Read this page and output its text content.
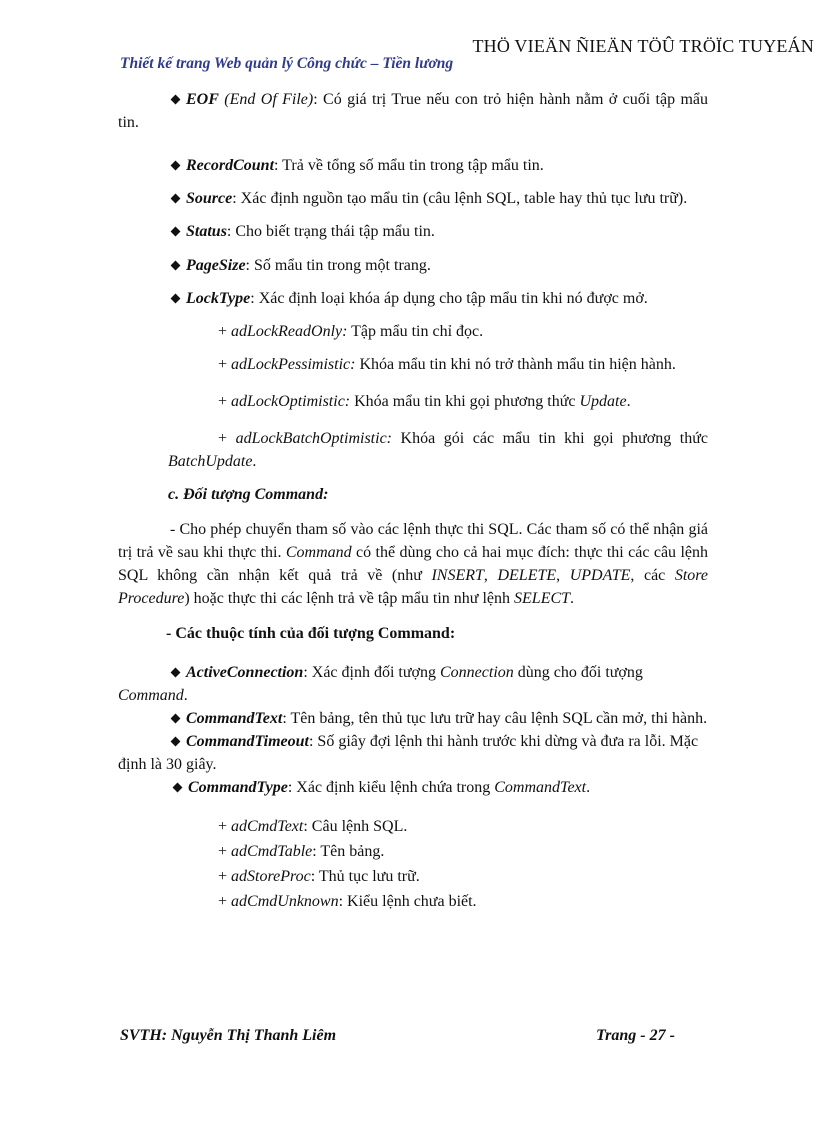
THÖ VIEÄN ÑIEÄN TÖÛ TRÖÏC TUYEÁN
Thiết kế trang Web quản lý Công chức – Tiền lương

EOF (End Of File): Có giá trị True nếu con trỏ hiện hành nằm ở cuối tập mẩu tin.

RecordCount: Trả về tổng số mẩu tin trong tập mẩu tin.

Source: Xác định nguồn tạo mẩu tin (câu lệnh SQL, table hay thủ tục lưu trữ).

Status: Cho biết trạng thái tập mẩu tin.

PageSize: Số mẩu tin trong một trang.

LockType: Xác định loại khóa áp dụng cho tập mẩu tin khi nó được mở.

+ adLockReadOnly: Tập mẩu tin chỉ đọc.

+ adLockPessimistic: Khóa mẩu tin khi nó trở thành mẩu tin hiện hành.

+ adLockOptimistic: Khóa mẩu tin khi gọi phương thức Update.

+ adLockBatchOptimistic: Khóa gói các mẩu tin khi gọi phương thức BatchUpdate.

c. Đối tượng Command:

- Cho phép chuyển tham số vào các lệnh thực thi SQL. Các tham số có thể nhận giá trị trả về sau khi thực thi. Command có thể dùng cho cả hai mục đích: thực thi các câu lệnh SQL không cần nhận kết quả trả về (như INSERT, DELETE, UPDATE, các Store Procedure) hoặc thực thi các lệnh trả về tập mẩu tin như lệnh SELECT.

- Các thuộc tính của đối tượng Command:

ActiveConnection: Xác định đối tượng Connection dùng cho đối tượng Command.

CommandText: Tên bảng, tên thủ tục lưu trữ hay câu lệnh SQL cần mở, thi hành.

CommandTimeout: Số giây đợi lệnh thi hành trước khi dừng và đưa ra lỗi. Mặc định là 30 giây.

CommandType: Xác định kiểu lệnh chứa trong CommandText.

+ adCmdText: Câu lệnh SQL.

+ adCmdTable: Tên bảng.

+ adStoreProc: Thủ tục lưu trữ.

+ adCmdUnknown: Kiểu lệnh chưa biết.

SVTH: Nguyễn Thị Thanh Liêm	Trang - 27 -
